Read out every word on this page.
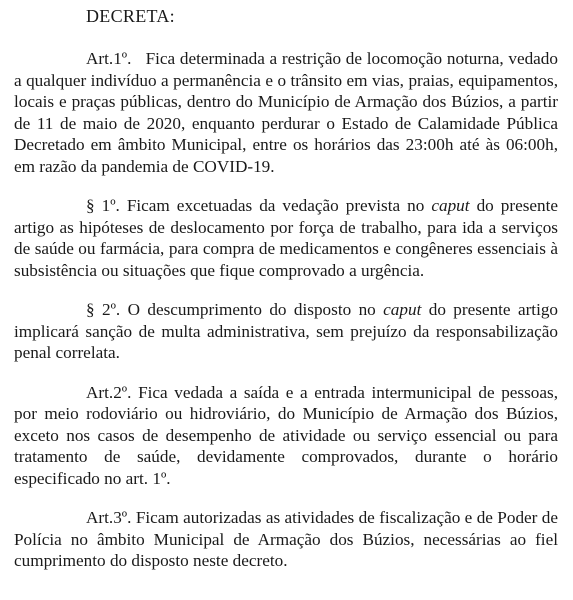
DECRETA:

Art.1º. Fica determinada a restrição de locomoção noturna, vedado a qualquer indivíduo a permanência e o trânsito em vias, praias, equipamentos, locais e praças públicas, dentro do Município de Armação dos Búzios, a partir de 11 de maio de 2020, enquanto perdurar o Estado de Calamidade Pública Decretado em âmbito Municipal, entre os horários das 23:00h até às 06:00h, em razão da pandemia de COVID-19.

§ 1º. Ficam excetuadas da vedação prevista no caput do presente artigo as hipóteses de deslocamento por força de trabalho, para ida a serviços de saúde ou farmácia, para compra de medicamentos e congêneres essenciais à subsistência ou situações que fique comprovado a urgência.

§ 2º. O descumprimento do disposto no caput do presente artigo implicará sanção de multa administrativa, sem prejuízo da responsabilização penal correlata.

Art.2º. Fica vedada a saída e a entrada intermunicipal de pessoas, por meio rodoviário ou hidroviário, do Município de Armação dos Búzios, exceto nos casos de desempenho de atividade ou serviço essencial ou para tratamento de saúde, devidamente comprovados, durante o horário especificado no art. 1º.

Art.3º. Ficam autorizadas as atividades de fiscalização e de Poder de Polícia no âmbito Municipal de Armação dos Búzios, necessárias ao fiel cumprimento do disposto neste decreto.
